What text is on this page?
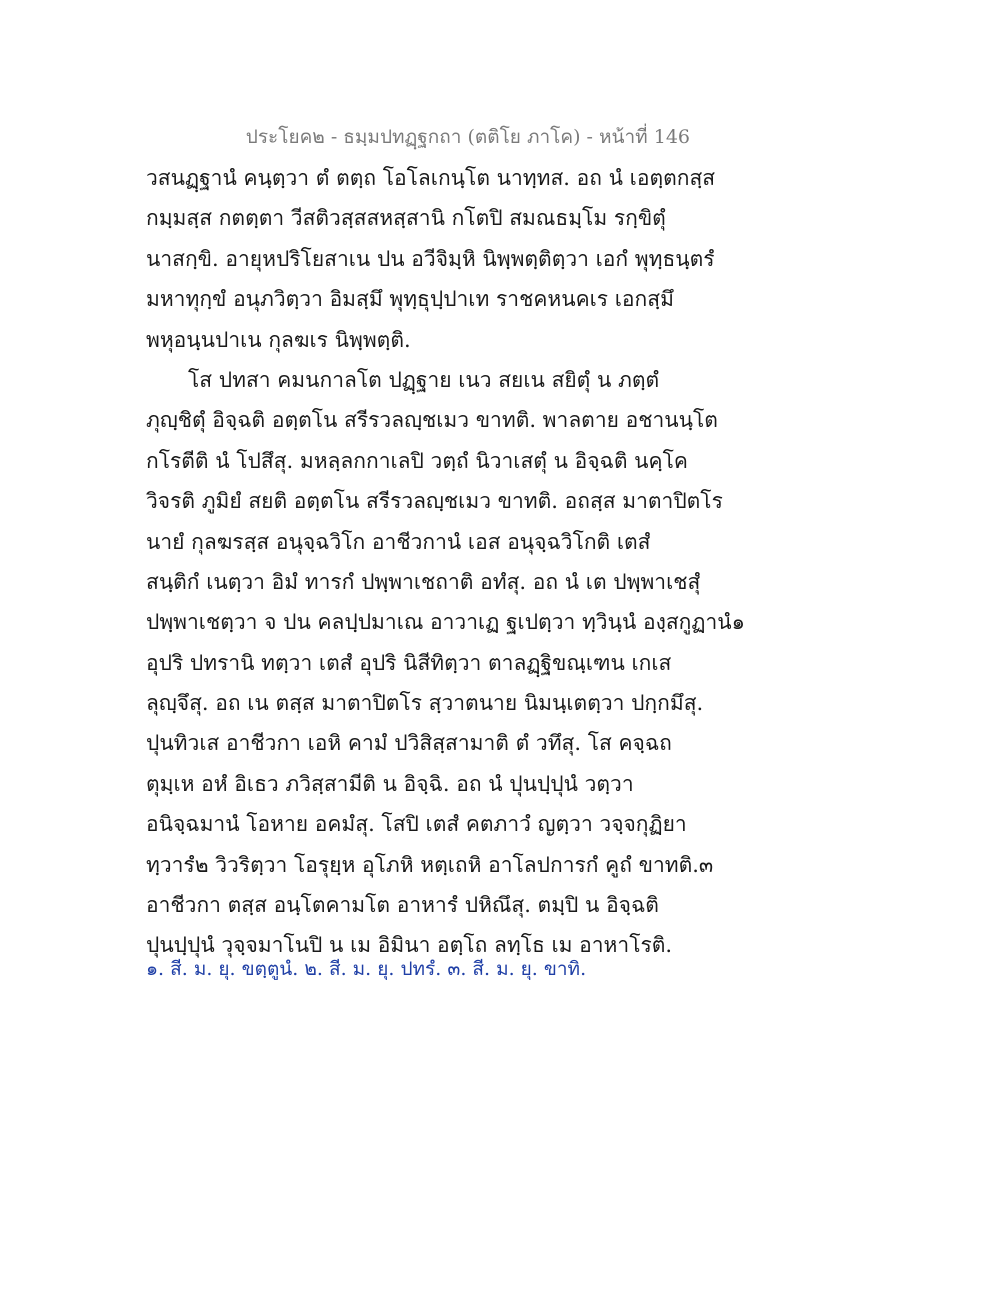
ประโยค๒ - ธมฺมปทฏฺฐกถา (ตติโย ภาโค) - หน้าที่ 146
วสนฏฺฐานํ คนฺตฺวา ตํ ตตฺถ โอโลเกนฺโต นาทฺทส. อถ นํ เอตฺตกสฺส
กมฺมสฺส กตตฺตา วีสติวสฺสสหสฺสานิ กโตปิ สมณธมฺโม รกฺขิตุํ
นาสกฺขิ. อายุหปริโยสาเน ปน อวีจิมฺหิ นิพฺพตฺติตฺวา เอกํ พุทฺธนฺตรํ
มหาทุกฺขํ อนุภวิตฺวา อิมสฺมึ พุทฺธุปฺปาเท ราชคหนคเร เอกสฺมึ
พหุอนฺนปาเน กุลฆเร นิพฺพตฺติ.
โส ปทสา คมนกาลโต ปฏฺฐาย เนว สยเน สยิตุํ น ภตฺตํ
ภุญฺชิตุํ อิจฺฉติ อตฺตโน สรีรวลญฺชเมว ขาทติ. พาลตาย อชานนฺโต
กโรตีติ นํ โปสึสุ. มหลฺลกกาเลปิ วตฺถํ นิวาเสตุํ น อิจฺฉติ นคฺโค
วิจรติ ภูมิยํ สยติ อตฺตโน สรีรวลญฺชเมว ขาทติ. อถสฺส มาตาปิตโร
นายํ กุลฆรสฺส อนุจฺฉวิโก อาชีวกานํ เอส อนุจฺฉวิโกติ เตสํ
สนฺติกํ เนตฺวา อิมํ ทารกํ ปพฺพาเชถาติ อทํสุ. อถ นํ เต ปพฺพาเชสุํ
ปพฺพาเชตฺวา จ ปน คลปฺปมาเณ อาวาเฏ ฐเปตฺวา ทฺวินฺนํ องฺสกูฏานํ๑
อุปริ ปทรานิ ทตฺวา เตสํ อุปริ นิสีทิตฺวา ตาลฏฺฐิขณฺเฑน เกเส
ลุญฺจึสุ. อถ เน ตสฺส มาตาปิตโร สฺวาตนาย นิมนฺเตตฺวา ปกฺกมึสุ.
ปุนทิวเส อาชีวกา เอหิ คามํ ปวิสิสฺสามาติ ตํ วทึสุ. โส คจฺฉถ
ตุมฺเห อหํ อิเธว ภวิสฺสามีติ น อิจฺฉิ. อถ นํ ปุนปฺปุนํ วตฺวา
อนิจฺฉมานํ โอหาย อคมํสุ. โสปิ เตสํ คตภาวํ ญตฺวา วจฺจกุฏิยา
ทฺวารํ๒ วิวริตฺวา โอรุยฺห อุโภหิ หตฺเถหิ อาโลปการกํ คูถํ ขาทติ.๓
อาชีวกา ตสฺส อนฺโตคามโต อาหารํ ปหิณึสุ. ตมฺปิ น อิจฺฉติ
ปุนปฺปุนํ วุจฺจมาโนปิ น เม อิมินา อตฺโถ ลทฺโธ เม อาหาโรติ.
๑. สี. ม. ยุ. ขตฺตูนํ. ๒. สี. ม. ยุ. ปทรํ. ๓. สี. ม. ยุ. ขาทิ.
